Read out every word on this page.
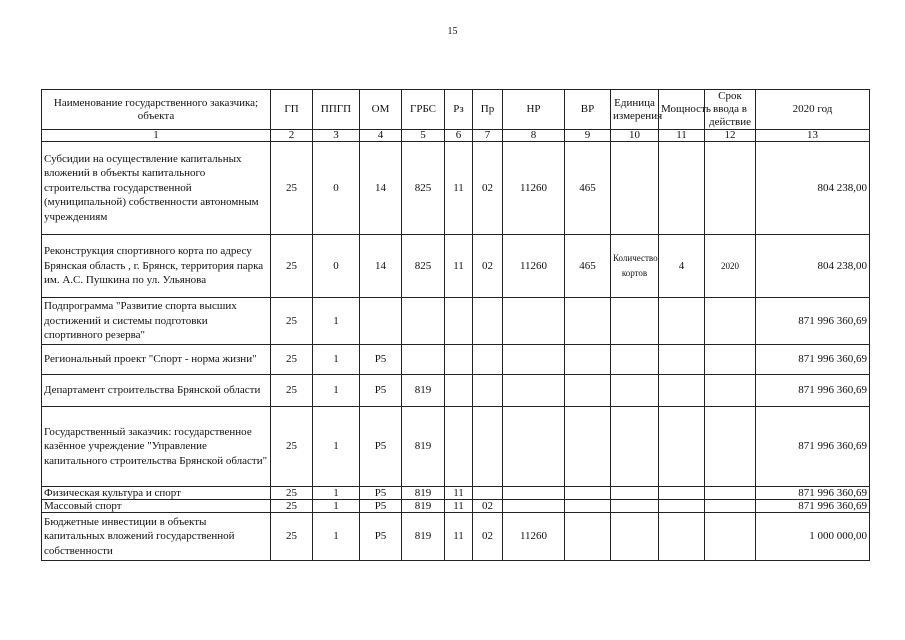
15
Наименование государственного заказчика; объекта	ГП	ППГП	ОМ	ГРБС	Рз	Пр	НР	ВР	Единица измерения	Мощность	Срок ввода в действие	2020 год
1	2	3	4	5	6	7	8	9	10	11	12	13
Субсидии на осуществление капитальных вложений в объекты капитального строительства государственной (муниципальной) собственности автономным учреждениям	25	0	14	825	11	02	11260	465				804 238,00
Реконструкция спортивного корта по адресу Брянская область , г. Брянск, территория парка им. А.С. Пушкина по ул. Ульянова	25	0	14	825	11	02	11260	465	Количество кортов	4	2020	804 238,00
Подпрограмма "Развитие спорта высших достижений и системы подготовки спортивного резерва"	25	1										871 996 360,69
Региональный проект "Спорт - норма жизни"	25	1	P5									871 996 360,69
Департамент строительства Брянской области	25	1	P5	819								871 996 360,69
Государственный заказчик: государственное казённое учреждение "Управление капитального строительства Брянской области"	25	1	P5	819								871 996 360,69
Физическая культура и спорт	25	1	P5	819	11							871 996 360,69
Массовый спорт	25	1	P5	819	11	02						871 996 360,69
Бюджетные инвестиции в объекты капитальных вложений государственной собственности	25	1	P5	819	11	02	11260					1 000 000,00
